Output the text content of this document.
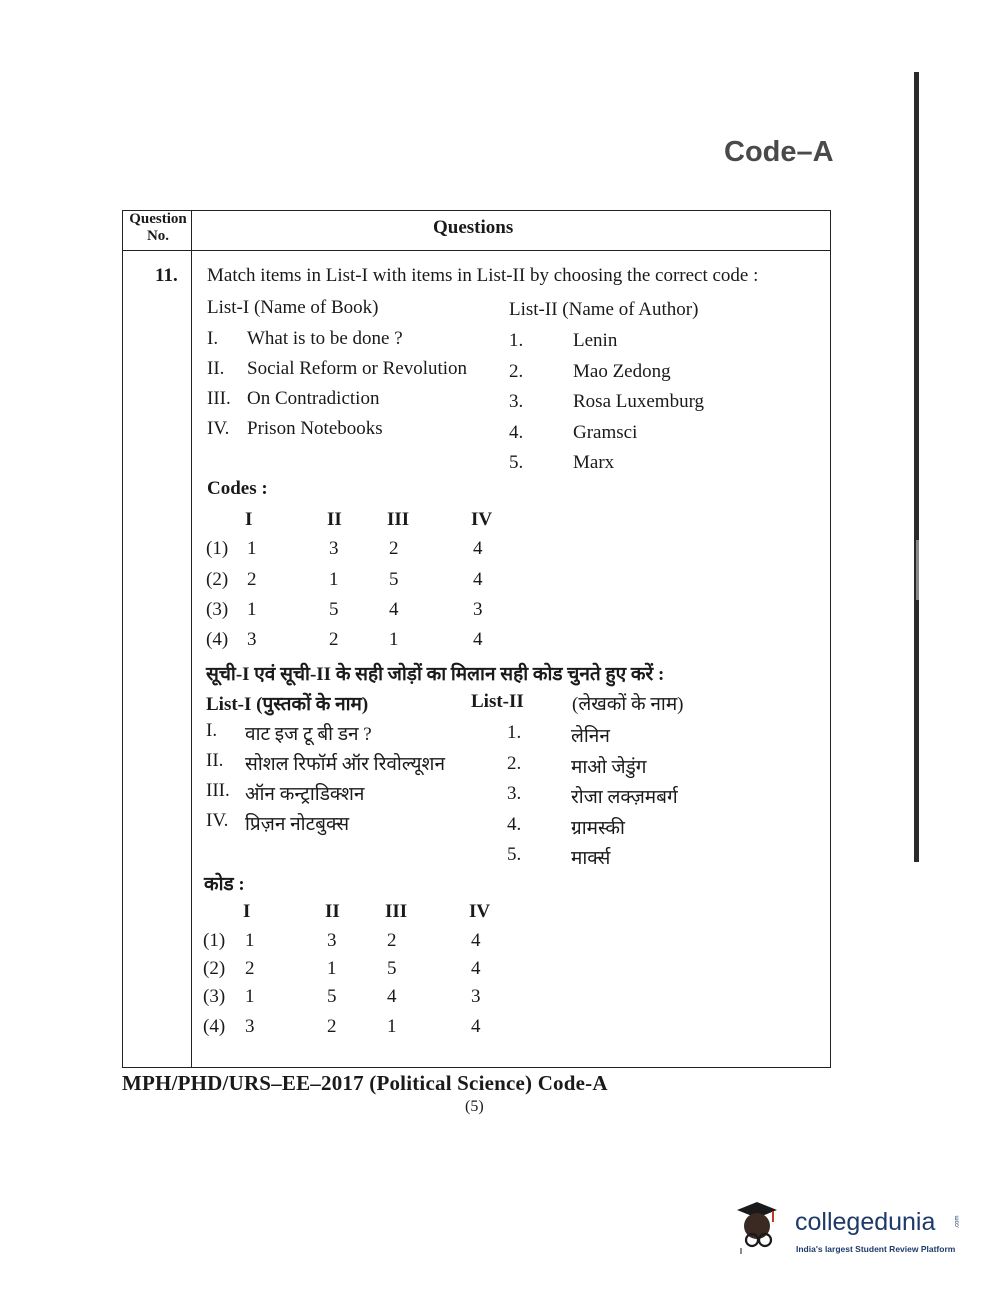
Code–A
Question No.	Questions
11. Match items in List-I with items in List-II by choosing the correct code :
List-I (Name of Book)	List-II (Name of Author)
I. What is to be done ?
II. Social Reform or Revolution
III. On Contradiction
IV. Prison Notebooks
1.	Lenin
2.	Mao Zedong
3.	Rosa Luxemburg
4.	Gramsci
5.	Marx
Codes :
I	II III	IV
(1) 1	3	2	4
(2) 2	1	5	4
(3) 1	5	4	3
(4) 3	2	1	4
सूची-I एवं सूची-II के सही जोड़ों का मिलान सही कोड चुनते हुए करें :
List-I (पुस्तकों के नाम)	List-II	(लेखकों के नाम)
I. वाट इज टू बी डन ?
II. सोशल रिफॉर्म ऑर रिवोल्यूशन
III. ऑन कन्ट्राडिक्शन
IV. प्रिज़न नोटबुक्स
1.	लेनिन
2.	माओ जेडुंग
3.	रोजा लक्ज़मबर्ग
4.	ग्रामस्की
5.	मार्क्स
कोड :
I	II III	IV
(1) 1	3	2	4
(2) 2	1	5	4
(3) 1	5	4	3
(4) 3	2	1	4
MPH/PHD/URS–EE–2017 (Political Science) Code-A
(5)
collegedunia	.com
India's largest Student Review Platform
